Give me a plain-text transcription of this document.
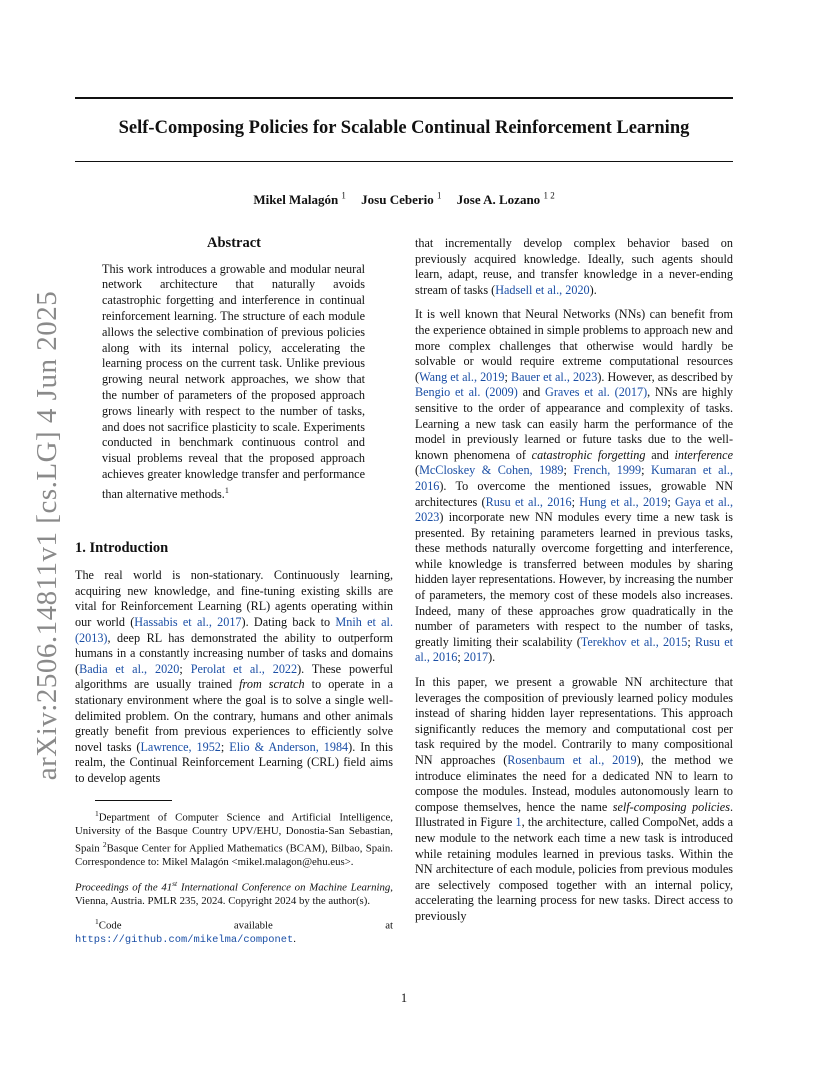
arXiv:2506.14811v1 [cs.LG] 4 Jun 2025
Self-Composing Policies for Scalable Continual Reinforcement Learning
Mikel Malagón $^1$ Josu Ceberio $^1$ Jose A. Lozano $^{1 2}$
Abstract
This work introduces a growable and modular neural network architecture that naturally avoids catastrophic forgetting and interference in continual reinforcement learning. The structure of each module allows the selective combination of previous policies along with its internal policy, accelerating the learning process on the current task. Unlike previous growing neural network approaches, we show that the number of parameters of the proposed approach grows linearly with respect to the number of tasks, and does not sacrifice plasticity to scale. Experiments conducted in benchmark continuous control and visual problems reveal that the proposed approach achieves greater knowledge transfer and performance than alternative methods.$^1$
1. Introduction

The real world is non-stationary. Continuously learning, acquiring new knowledge, and fine-tuning existing skills are vital for Reinforcement Learning (RL) agents operating within our world (Hassabis et al., 2017). Dating back to Mnih et al. (2013), deep RL has demonstrated the ability to outperform humans in a constantly increasing number of tasks and domains (Badia et al., 2020; Perolat et al., 2022). These powerful algorithms are usually trained from scratch to operate in a stationary environment where the goal is to solve a single well-delimited problem. On the contrary, humans and other animals greatly benefit from previous experiences to efficiently solve novel tasks (Lawrence, 1952; Elio & Anderson, 1984). In this realm, the Continual Reinforcement Learning (CRL) field aims to develop agents

$^1$Department of Computer Science and Artificial Intelligence, University of the Basque Country UPV/EHU, Donostia-San Sebastian, Spain $^2$Basque Center for Applied Mathematics (BCAM), Bilbao, Spain. Correspondence to: Mikel Malagón <mikel.malagon@ehu.eus>.
Proceedings of the 41st International Conference on Machine Learning, Vienna, Austria. PMLR 235, 2024. Copyright 2024 by the author(s).
$^1$Code available at https://github.com/mikelma/componet.

that incrementally develop complex behavior based on previously acquired knowledge. Ideally, such agents should learn, adapt, reuse, and transfer knowledge in a never-ending stream of tasks (Hadsell et al., 2020).

It is well known that Neural Networks (NNs) can benefit from the experience obtained in simple problems to approach new and more complex challenges that otherwise would hardly be solvable or would require extreme computational resources (Wang et al., 2019; Bauer et al., 2023). However, as described by Bengio et al. (2009) and Graves et al. (2017), NNs are highly sensitive to the order of appearance and complexity of tasks. Learning a new task can easily harm the performance of the model in previously learned or future tasks due to the well-known phenomena of catastrophic forgetting and interference (McCloskey & Cohen, 1989; French, 1999; Kumaran et al., 2016). To overcome the mentioned issues, growable NN architectures (Rusu et al., 2016; Hung et al., 2019; Gaya et al., 2023) incorporate new NN modules every time a new task is presented. By retaining parameters learned in previous tasks, these methods naturally overcome forgetting and interference, while knowledge is transferred between modules by sharing hidden layer representations. However, by increasing the number of parameters, the memory cost of these models also increases. Indeed, many of these approaches grow quadratically in the number of parameters with respect to the number of tasks, greatly limiting their scalability (Terekhov et al., 2015; Rusu et al., 2016; 2017).

In this paper, we present a growable NN architecture that leverages the composition of previously learned policy modules instead of sharing hidden layer representations. This approach significantly reduces the memory and computational cost per task required by the model. Contrarily to many compositional NN approaches (Rosenbaum et al., 2019), the method we introduce eliminates the need for a dedicated NN to learn to compose the modules. Instead, modules autonomously learn to compose themselves, hence the name self-composing policies. Illustrated in Figure 1, the architecture, called CompoNet, adds a new module to the network each time a new task is introduced while retaining modules learned in previous tasks. Within the NN architecture of each module, policies from previous modules are selectively composed together with an internal policy, accelerating the learning process for new tasks. Direct access to previously

1
